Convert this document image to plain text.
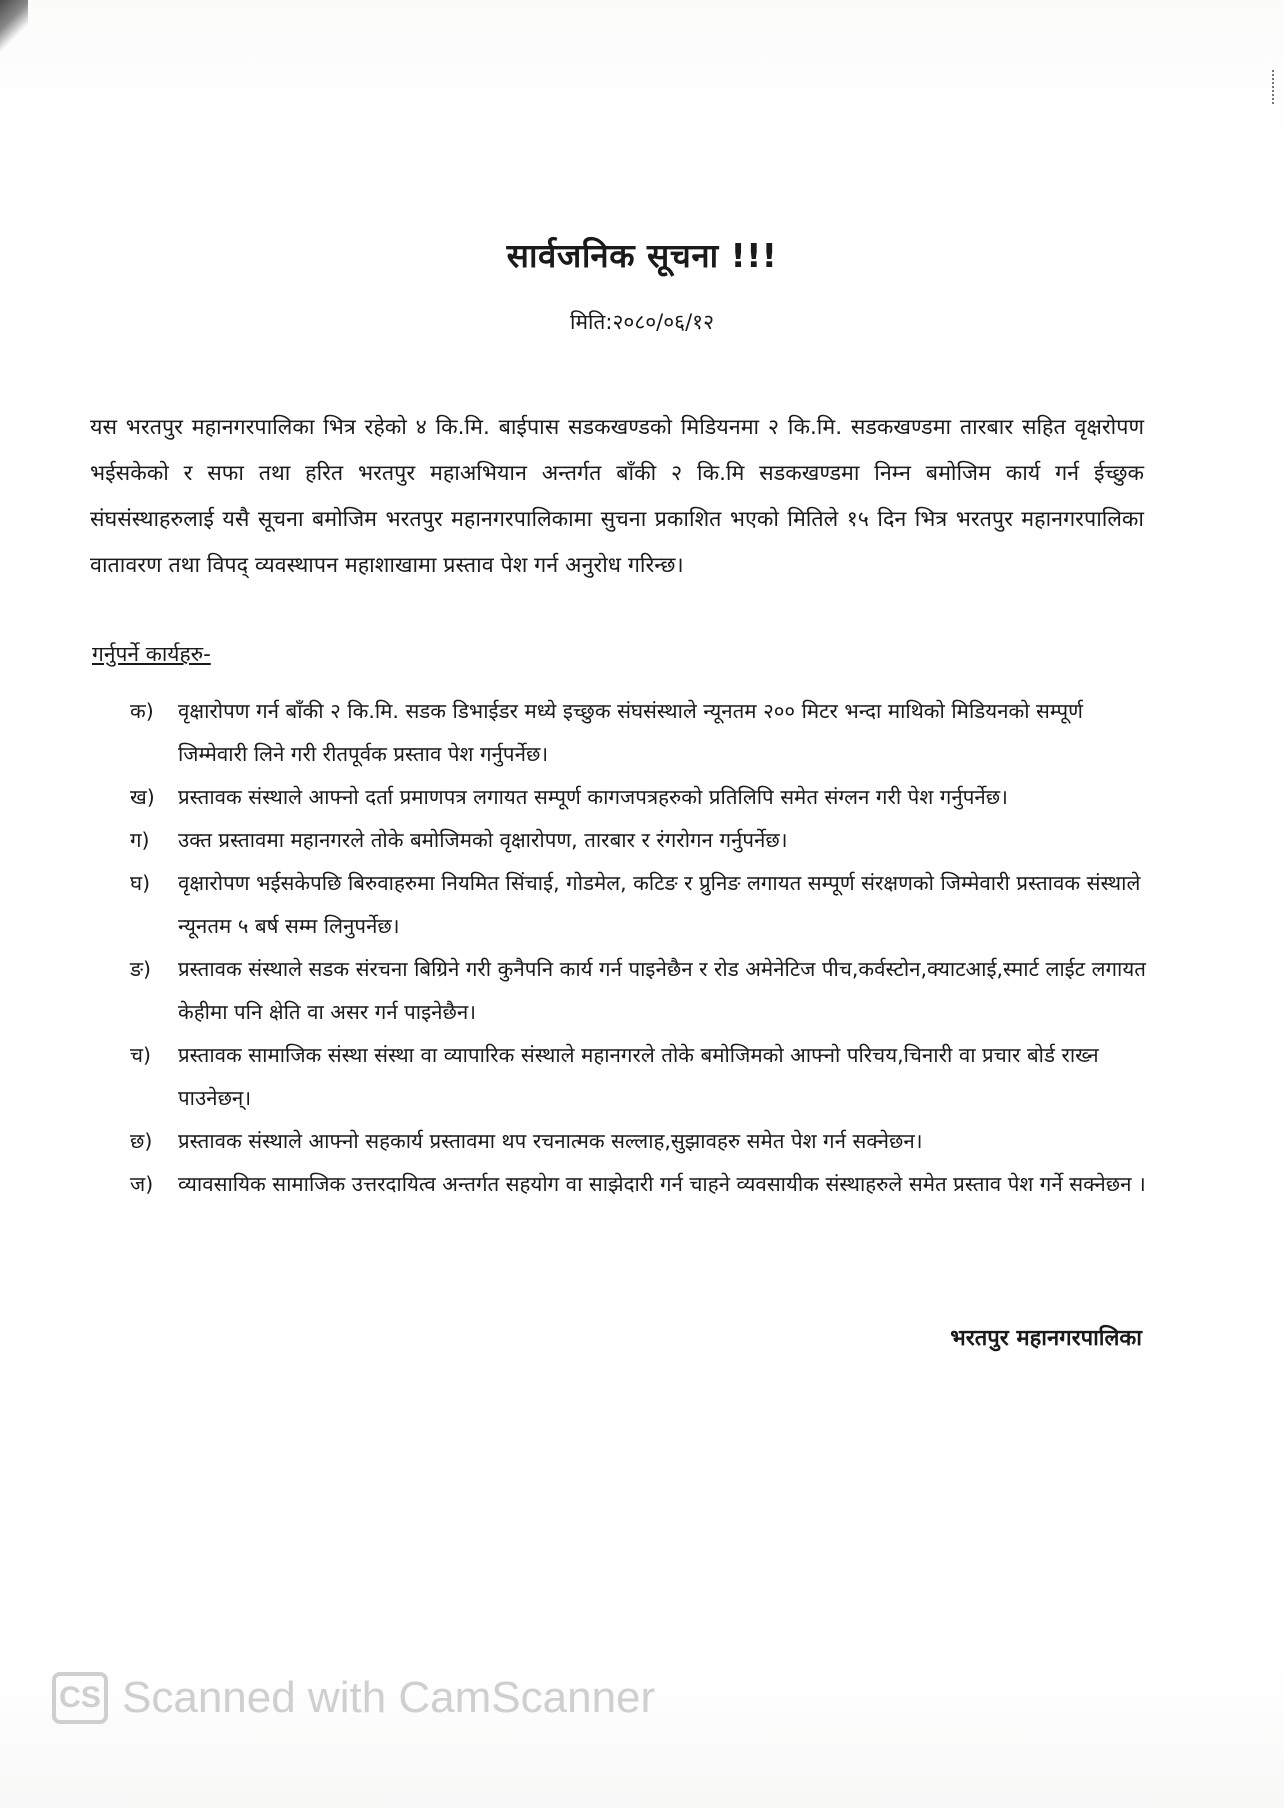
सार्वजनिक सूचना !!!
मिति:२०८०/०६/१२
यस भरतपुर महानगरपालिका भित्र रहेको ४ कि.मि. बाईपास सडकखण्डको मिडियनमा २ कि.मि. सडकखण्डमा तारबार सहित वृक्षरोपण भईसकेको र सफा तथा हरित भरतपुर महाअभियान अन्तर्गत बाँकी २ कि.मि सडकखण्डमा निम्न बमोजिम कार्य गर्न ईच्छुक संघसंस्थाहरुलाई यसै सूचना बमोजिम भरतपुर महानगरपालिकामा सुचना प्रकाशित भएको मितिले १५ दिन भित्र भरतपुर महानगरपालिका वातावरण तथा विपद् व्यवस्थापन महाशाखामा प्रस्ताव पेश गर्न अनुरोध गरिन्छ।
गर्नुपर्ने कार्यहरु-
क)	वृक्षारोपण गर्न बाँकी २ कि.मि. सडक डिभाईडर मध्ये इच्छुक संघसंस्थाले न्यूनतम २०० मिटर भन्दा माथिको मिडियनको सम्पूर्ण जिम्मेवारी लिने गरी रीतपूर्वक प्रस्ताव पेश गर्नुपर्नेछ।
ख)	प्रस्तावक संस्थाले आफ्नो दर्ता प्रमाणपत्र लगायत सम्पूर्ण कागजपत्रहरुको प्रतिलिपि समेत संग्लन गरी पेश गर्नुपर्नेछ।
ग)	उक्त प्रस्तावमा महानगरले तोके बमोजिमको वृक्षारोपण, तारबार र रंगरोगन गर्नुपर्नेछ।
घ)	वृक्षारोपण भईसकेपछि बिरुवाहरुमा नियमित सिंचाई, गोडमेल, कटिङ र प्रुनिङ लगायत सम्पूर्ण संरक्षणको जिम्मेवारी प्रस्तावक संस्थाले न्यूनतम ५ बर्ष सम्म लिनुपर्नेछ।
ङ)	प्रस्तावक संस्थाले सडक संरचना बिग्रिने गरी कुनैपनि कार्य गर्न पाइनेछैन र रोड अमेनेटिज पीच,कर्वस्टोन,क्याटआई,स्मार्ट लाईट लगायत केहीमा पनि क्षेति वा असर गर्न पाइनेछैन।
च)	प्रस्तावक सामाजिक संस्था संस्था वा व्यापारिक संस्थाले महानगरले तोके बमोजिमको आफ्नो परिचय,चिनारी वा प्रचार बोर्ड राख्न पाउनेछन्।
छ)	प्रस्तावक संस्थाले आफ्नो सहकार्य प्रस्तावमा थप रचनात्मक सल्लाह,सुझावहरु समेत पेश गर्न सक्नेछन।
ज)	व्यावसायिक सामाजिक उत्तरदायित्व अन्तर्गत सहयोग वा साझेदारी गर्न चाहने व्यवसायीक संस्थाहरुले समेत प्रस्ताव पेश गर्ने सक्नेछन ।
भरतपुर महानगरपालिका
CS Scanned with CamScanner
